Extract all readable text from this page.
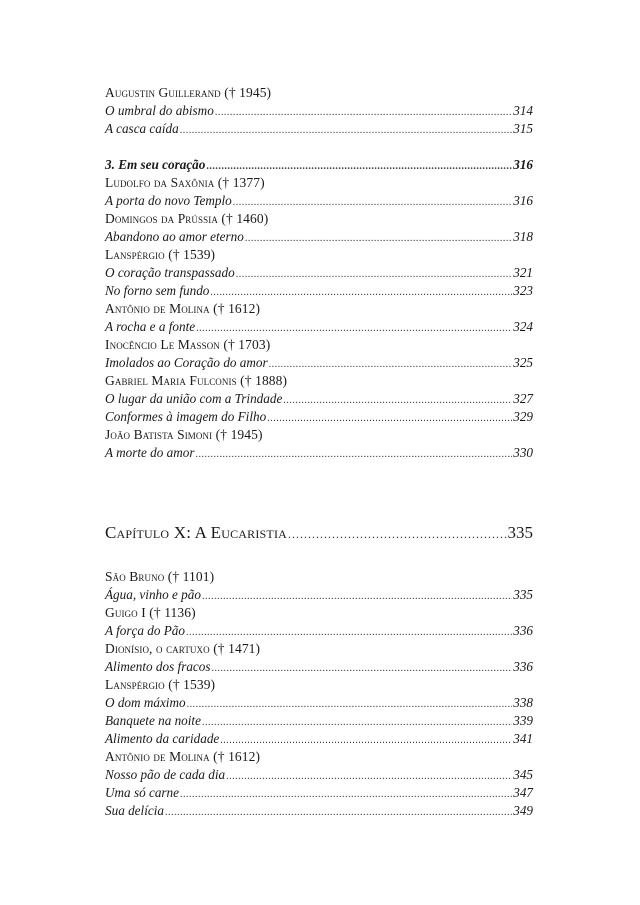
Augustin Guillerand († 1945)
O umbral do abismo .....	314
A casca caída .....	315
3. Em seu coração .....	316
Ludolfo da Saxônia († 1377)
A porta do novo Templo .....	316
Domingos da Prússia († 1460)
Abandono ao amor eterno .....	318
Lanspérgio († 1539)
O coração transpassado .....	321
No forno sem fundo .....	323
Antônio de Molina († 1612)
A rocha e a fonte .....	324
Inocêncio Le Masson († 1703)
Imolados ao Coração do amor .....	325
Gabriel Maria Fulconis († 1888)
O lugar da união com a Trindade .....	327
Conformes à imagem do Filho .....	329
João Batista Simoni († 1945)
A morte do amor .....	330
Capítulo X: A Eucaristia .....	335
São Bruno († 1101)
Água, vinho e pão .....	335
Guigo I († 1136)
A força do Pão .....	336
Dionísio, o cartuxo († 1471)
Alimento dos fracos .....	336
Lanspérgio († 1539)
O dom máximo .....	338
Banquete na noite .....	339
Alimento da caridade .....	341
Antônio de Molina († 1612)
Nosso pão de cada dia .....	345
Uma só carne .....	347
Sua delícia .....	349
